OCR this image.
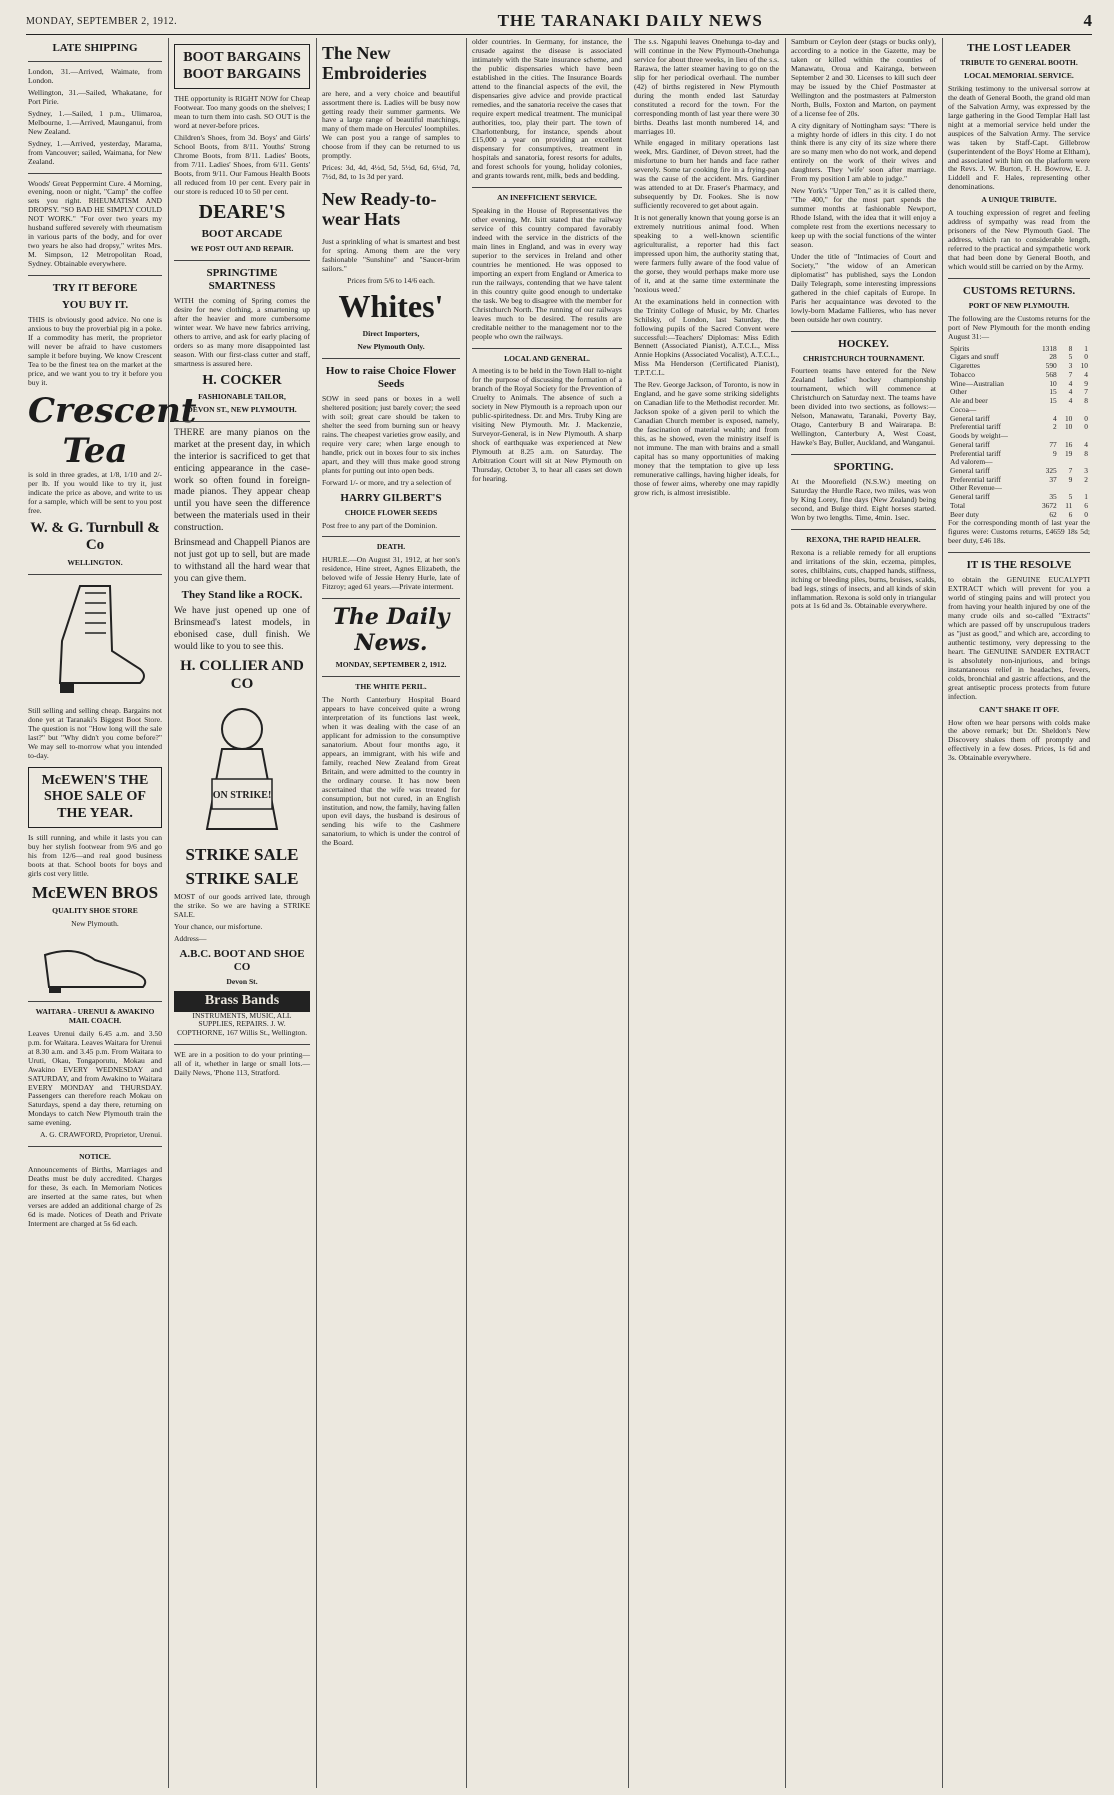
MONDAY, SEPTEMBER 2, 1912.	THE TARANAKI DAILY NEWS	4
LATE SHIPPING

London, 31.—Arrived, Waimate, from London.

Wellington, 31.—Sailed, Whakatane, for Port Pirie.

Sydney, 1.—Sailed, 1 p.m., Ulimaroa, Melbourne, 1.—Arrived, Maunganui, from New Zealand.

Sydney, 1.—Arrived, yesterday, Marama, from Vancouver; sailed, Waimana, for New Zealand.

Woods' Great Peppermint Cure. 4 Morning, evening, noon or night, "Camp" the coffee sets you right. RHEUMATISM AND DROPSY. "SO BAD HE SIMPLY COULD NOT WORK." "For over two years my husband suffered severely with rheumatism in various parts of the body, and for over two years he also had dropsy," writes Mrs. M. Simpson, 12 Metropolitan Road, Sydney. Obtainable everywhere.

TRY IT BEFORE
YOU BUY IT.

THIS is obviously good advice. No one is anxious to buy the proverbial pig in a poke. If a commodity has merit, the proprietor will never be afraid to have customers sample it before buying. We know Crescent Tea to be the finest tea on the market at the price, and we want you to try it before you buy it.

Crescent Tea

is sold in three grades, at 1/8, 1/10 and 2/- per lb. If you would like to try it, just indicate the price as above, and write to us for a sample, which will be sent to you post free.

W. & G. Turnbull & Co
WELLINGTON.

Still selling and selling cheap. Bargains not done yet at Taranaki's Biggest Boot Store. The question is not "How long will the sale last?" but "Why didn't you come before?" We may sell to-morrow what you intended to-day.

McEWEN'S THE SHOE SALE OF THE YEAR.

Is still running, and while it lasts you can buy her stylish footwear from 9/6 and go his from 12/6—and real good business boots at that. School boots for boys and girls cost very little.

McEWEN BROS
QUALITY SHOE STORE
New Plymouth.
WAITARA - URENUI & AWAKINO MAIL COACH.

Leaves Urenui daily 6.45 a.m. and 3.50 p.m. for Waitara. Leaves Waitara for Urenui at 8.30 a.m. and 3.45 p.m. From Waitara to Uruti, Okau, Tongaporutu, Mokau and Awakino EVERY WEDNESDAY and SATURDAY, and from Awakino to Waitara EVERY MONDAY and THURSDAY. Passengers can therefore reach Mokau on Saturdays, spend a day there, returning on Mondays to catch New Plymouth train the same evening.

A. G. CRAWFORD, Proprietor, Urenui.

NOTICE.

Announcements of Births, Marriages and Deaths must be duly accredited. Charges for these, 3s each. In Memoriam Notices are inserted at the same rates, but when verses are added an additional charge of 2s 6d is made. Notices of Death and Private Interment are charged at 5s 6d each.

BOOT BARGAINS
BOOT BARGAINS

THE opportunity is RIGHT NOW for Cheap Footwear. Too many goods on the shelves; I mean to turn them into cash. SO OUT is the word at never-before prices.

Children's Shoes, from 3d. Boys' and Girls' School Boots, from 8/11. Youths' Strong Chrome Boots, from 8/11. Ladies' Boots, from 7/11. Ladies' Shoes, from 6/11. Gents' Boots, from 9/11. Our Famous Health Boots all reduced from 10 per cent. Every pair in our store is reduced 10 to 50 per cent.

DEARE'S
BOOT ARCADE
WE POST OUT AND REPAIR.
SPRINGTIME SMARTNESS

WITH the coming of Spring comes the desire for new clothing, a smartening up after the heavier and more cumbersome winter wear. We have new fabrics arriving, others to arrive, and ask for early placing of orders so as many more disappointed last season. With our first-class cutter and staff, smartness is assured here.

H. COCKER
FASHIONABLE TAILOR,
DEVON ST., NEW PLYMOUTH.

THERE are many pianos on the market at the present day, in which the interior is sacrificed to get that enticing appearance in the case-work so often found in foreign-made pianos. They appear cheap until you have seen the difference between the materials used in their construction.

Brinsmead and Chappell Pianos are not just got up to sell, but are made to withstand all the hard wear that you can give them.

They Stand like a ROCK.

We have just opened up one of Brinsmead's latest models, in ebonised case, dull finish. We would like to you to see this.

H. COLLIER AND CO
ON STRIKE!
STRIKE SALE
STRIKE SALE

MOST of our goods arrived late, through the strike. So we are having a STRIKE SALE.

Your chance, our misfortune.

Address—

A.B.C. BOOT AND SHOE CO
Devon St.
Brass Bands

INSTRUMENTS, MUSIC, ALL SUPPLIES, REPAIRS. J. W. COPTHORNE, 167 Willis St., Wellington.

WE are in a position to do your printing—all of it, whether in large or small lots.—Daily News, 'Phone 113, Stratford.

The New Embroideries

are here, and a very choice and beautiful assortment there is. Ladies will be busy now getting ready their summer garments. We have a large range of beautiful matchings, many of them made on Hercules' loomphiles. We can post you a range of samples to choose from if they can be returned to us promptly.

Prices: 3d, 4d, 4½d, 5d, 5½d, 6d, 6½d, 7d, 7½d, 8d, to 1s 3d per yard.

New Ready-to-wear Hats

Just a sprinkling of what is smartest and best for spring. Among them are the very fashionable "Sunshine" and "Saucer-brim sailors."

Prices from 5/6 to 14/6 each.

Whites'
Direct Importers,
New Plymouth Only.
How to raise Choice Flower Seeds

SOW in seed pans or boxes in a well sheltered position; just barely cover; the seed with soil; great care should be taken to shelter the seed from burning sun or heavy rains. The cheapest varieties grow easily, and require very care; when large enough to handle, prick out in boxes four to six inches apart, and they will thus make good strong plants for putting out into open beds.

Forward 1/- or more, and try a selection of

HARRY GILBERT'S
CHOICE FLOWER SEEDS

Post free to any part of the Dominion.

DEATH.

HURLE.—On August 31, 1912, at her son's residence, Hine street, Agnes Elizabeth, the beloved wife of Jessie Henry Hurle, late of Fitzroy; aged 61 years.—Private interment.

The Daily News.
MONDAY, SEPTEMBER 2, 1912.
THE WHITE PERIL.

The North Canterbury Hospital Board appears to have conceived quite a wrong interpretation of its functions last week, when it was dealing with the case of an applicant for admission to the consumptive sanatorium. About four months ago, it appears, an immigrant, with his wife and family, reached New Zealand from Great Britain, and were admitted to the country in the ordinary course. It has now been ascertained that the wife was treated for consumption, but not cured, in an English institution, and now, the family, having fallen upon evil days, the husband is desirous of sending his wife to the Cashmere sanatorium, to which is under the control of the Board.

older countries. In Germany, for instance, the crusade against the disease is associated intimately with the State insurance scheme, and the public dispensaries which have been established in the cities. The Insurance Boards attend to the financial aspects of the evil, the dispensaries give advice and provide practical remedies, and the sanatoria receive the cases that require expert medical treatment. The municipal authorities, too, play their part. The town of Charlottenburg, for instance, spends about £15,000 a year on providing an excellent dispensary for consumptives, treatment in hospitals and sanatoria, forest resorts for adults, and forest schools for young, holiday colonies, and grants towards rent, milk, beds and bedding.

AN INEFFICIENT SERVICE.

Speaking in the House of Representatives the other evening, Mr. Isitt stated that the railway service of this country compared favorably indeed with the service in the districts of the main lines in England, and was in every way superior to the services in Ireland and other countries he mentioned. He was opposed to importing an expert from England or America to run the railways, contending that we have talent in this country quite good enough to undertake the task. We beg to disagree with the member for Christchurch North. The running of our railways leaves much to be desired. The results are creditable neither to the management nor to the people who own the railways.

LOCAL AND GENERAL.

A meeting is to be held in the Town Hall to-night for the purpose of discussing the formation of a branch of the Royal Society for the Prevention of Cruelty to Animals. The absence of such a society in New Plymouth is a reproach upon our public-spiritedness. Dr. and Mrs. Truby King are visiting New Plymouth. Mr. J. Mackenzie, Surveyor-General, is in New Plymouth. A sharp shock of earthquake was experienced at New Plymouth at 8.25 a.m. on Saturday. The Arbitration Court will sit at New Plymouth on Thursday, October 3, to hear all cases set down for hearing.

The s.s. Ngapuhi leaves Onehunga to-day and will continue in the New Plymouth-Onehunga service for about three weeks, in lieu of the s.s. Rarawa, the latter steamer having to go on the slip for her periodical overhaul. The number (42) of births registered in New Plymouth during the month ended last Saturday constituted a record for the town. For the corresponding month of last year there were 30 births. Deaths last month numbered 14, and marriages 10.

While engaged in military operations last week, Mrs. Gardiner, of Devon street, had the misfortune to burn her hands and face rather severely. Some tar cooking fire in a frying-pan was the cause of the accident. Mrs. Gardiner was attended to at Dr. Fraser's Pharmacy, and subsequently by Dr. Fookes. She is now sufficiently recovered to get about again.

It is not generally known that young gorse is an extremely nutritious animal food. When speaking to a well-known scientific agriculturalist, a reporter had this fact impressed upon him, the authority stating that, were farmers fully aware of the food value of the gorse, they would perhaps make more use of it, and at the same time exterminate the 'noxious weed.'

At the examinations held in connection with the Trinity College of Music, by Mr. Charles Schilsky, of London, last Saturday, the following pupils of the Sacred Convent were successful:—Teachers' Diplomas: Miss Edith Bennett (Associated Pianist), A.T.C.L., Miss Annie Hopkins (Associated Vocalist), A.T.C.L., Miss Ma Henderson (Certificated Pianist), T.P.T.C.L.

The Rev. George Jackson, of Toronto, is now in England, and he gave some striking sidelights on Canadian life to the Methodist recorder. Mr. Jackson spoke of a given peril to which the Canadian Church member is exposed, namely, the fascination of material wealth; and from this, as he showed, even the ministry itself is not immune. The man with brains and a small capital has so many opportunities of making money that the temptation to give up less remunerative callings, having higher ideals, for those of fewer aims, whereby one may rapidly grow rich, is almost irresistible.

Samburn or Ceylon deer (stags or bucks only), according to a notice in the Gazette, may be taken or killed within the counties of Manawatu, Oroua and Kairanga, between September 2 and 30. Licenses to kill such deer may be issued by the Chief Postmaster at Wellington and the postmasters at Palmerston North, Bulls, Foxton and Marton, on payment of a license fee of 20s.

A city dignitary of Nottingham says: "There is a mighty horde of idlers in this city. I do not think there is any city of its size where there are so many men who do not work, and depend entirely on the work of their wives and daughters. They 'wife' soon after marriage. From my position I am able to judge."

New York's "Upper Ten," as it is called there, "The 400," for the most part spends the summer months at fashionable Newport, Rhode Island, with the idea that it will enjoy a complete rest from the exertions necessary to keep up with the social functions of the winter season.

Under the title of "Intimacies of Court and Society," "the widow of an American diplomatist" has published, says the London Daily Telegraph, some interesting impressions gathered in the chief capitals of Europe. In Paris her acquaintance was devoted to the lowly-born Madame Fallieres, who has never been outside her own country.

HOCKEY.
CHRISTCHURCH TOURNAMENT.

Fourteen teams have entered for the New Zealand ladies' hockey championship tournament, which will commence at Christchurch on Saturday next. The teams have been divided into two sections, as follows:—Nelson, Manawatu, Taranaki, Poverty Bay, Otago, Canterbury B and Wairarapa. B: Wellington, Canterbury A, West Coast, Hawke's Bay, Buller, Auckland, and Wanganui.

SPORTING.

At the Moorefield (N.S.W.) meeting on Saturday the Hurdle Race, two miles, was won by King Lorey, fine days (New Zealand) being second, and Bulge third. Eight horses started. Won by two lengths. Time, 4min. 1sec.

REXONA, THE RAPID HEALER.

Rexona is a reliable remedy for all eruptions and irritations of the skin, eczema, pimples, sores, chilblains, cuts, chapped hands, stiffness, itching or bleeding piles, burns, bruises, scalds, bad legs, stings of insects, and all kinds of skin inflammation. Rexona is sold only in triangular pots at 1s 6d and 3s. Obtainable everywhere.

THE LOST LEADER
TRIBUTE TO GENERAL BOOTH.
LOCAL MEMORIAL SERVICE.

Striking testimony to the universal sorrow at the death of General Booth, the grand old man of the Salvation Army, was expressed by the large gathering in the Good Templar Hall last night at a memorial service held under the auspices of the Salvation Army. The service was taken by Staff-Capt. Gillebrow (superintendent of the Boys' Home at Eltham), and associated with him on the platform were the Revs. J. W. Burton, F. H. Bowrow, E. J. Liddell and F. Hales, representing other denominations.

A UNIQUE TRIBUTE.

A touching expression of regret and feeling address of sympathy was read from the prisoners of the New Plymouth Gaol. The address, which ran to considerable length, referred to the practical and sympathetic work that had been done by General Booth, and which would still be carried on by the Army.

CUSTOMS RETURNS.
PORT OF NEW PLYMOUTH.

The following are the Customs returns for the port of New Plymouth for the month ending August 31:—

Spirits	1318	8	1
Cigars and snuff	28	5	0
Cigarettes	590	3	10
Tobacco	568	7	4
Wine—Australian	10	4	9
Other	15	4	7
Ale and beer	15	4	8
Cocoa—			
General tariff	4	10	0
Preferential tariff	2	10	0
Goods by weight—			
General tariff	77	16	4
Preferential tariff	9	19	8
Ad valorem—			
General tariff	325	7	3
Preferential tariff	37	9	2
Other Revenue—			
General tariff	35	5	1
Total	3672	11	6
Beer duty	62	6	0

For the corresponding month of last year the figures were: Customs returns, £4659 18s 5d; beer duty, £46 18s.

IT IS THE RESOLVE

to obtain the GENUINE EUCALYPTI EXTRACT which will prevent for you a world of stinging pains and will protect you from having your health injured by one of the many crude oils and so-called "Extracts" which are passed off by unscrupulous traders as "just as good," and which are, according to authentic testimony, very depressing to the heart. The GENUINE SANDER EXTRACT is absolutely non-injurious, and brings instantaneous relief in headaches, fevers, colds, bronchial and gastric affections, and the great antiseptic process protects from future infection.

CAN'T SHAKE IT OFF.

How often we hear persons with colds make the above remark; but Dr. Sheldon's New Discovery shakes them off promptly and effectively in a few doses. Prices, 1s 6d and 3s. Obtainable everywhere.
